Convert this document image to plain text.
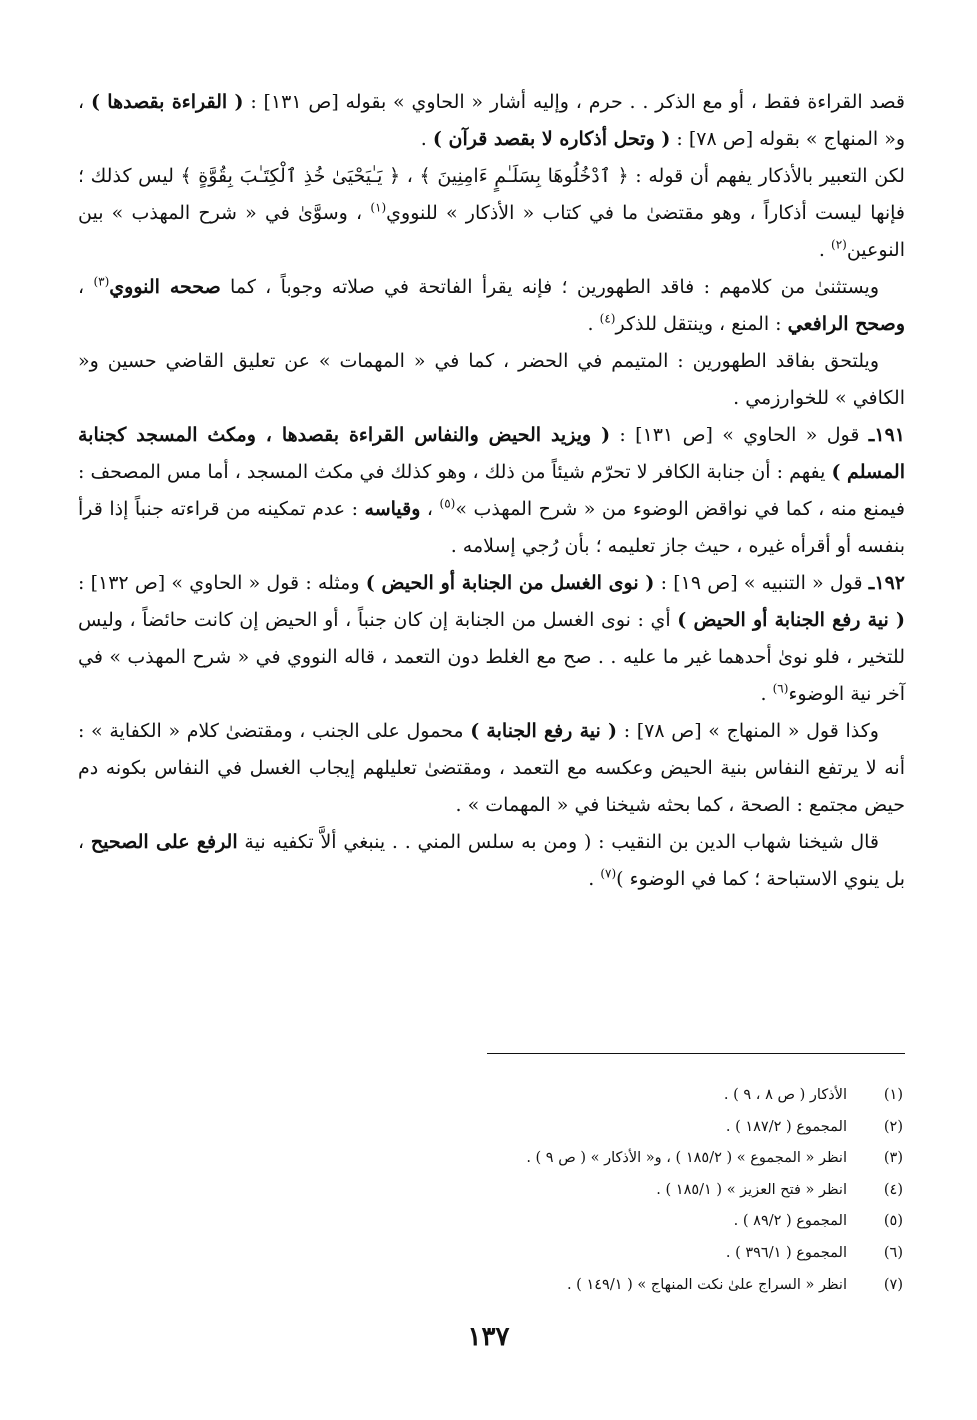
قصد القراءة فقط ، أو مع الذكر . . حرم ، وإليه أشار « الحاوي » بقوله [ص ١٣١] : ( القراءة بقصدها ) ، و« المنهاج » بقوله [ص ٧٨] : ( وتحل أذكاره لا بقصد قرآن ) .

لكن التعبير بالأذكار يفهم أن قوله : ﴿ ٱدْخُلُوهَا بِسَلَـٰمٍ ءَامِنِينَ ﴾ ، ﴿ يَـٰيَحْيَىٰ خُذِ ٱلْكِتَـٰبَ بِقُوَّةٍ ﴾ ليس كذلك ؛ فإنها ليست أذكاراً ، وهو مقتضىٰ ما في كتاب « الأذكار » للنووي$^{(١)}$ ، وسوَّىٰ في « شرح المهذب » بين النوعين$^{(٢)}$ .

ويستثنىٰ من كلامهم : فاقد الطهورين ؛ فإنه يقرأ الفاتحة في صلاته وجوباً ، كما صححه النووي$^{(٣)}$ ، وصحح الرافعي : المنع ، وينتقل للذكر$^{(٤)}$ .

ويلتحق بفاقد الطهورين : المتيمم في الحضر ، كما في « المهمات » عن تعليق القاضي حسين و« الكافي » للخوارزمي .

١٩١ـ قول « الحاوي » [ص ١٣١] : ( ويزيد الحيض والنفاس القراءة بقصدها ، ومكث المسجد كجنابة المسلم ) يفهم : أن جنابة الكافر لا تحرّم شيئاً من ذلك ، وهو كذلك في مكث المسجد ، أما مس المصحف : فيمنع منه ، كما في نواقض الوضوء من « شرح المهذب »$^{(٥)}$ ، وقياسه : عدم تمكينه من قراءته جنباً إذا قرأ بنفسه أو أقرأه غيره ، حيث جاز تعليمه ؛ بأن رُجي إسلامه .

١٩٢ـ قول « التنبيه » [ص ١٩] : ( نوى الغسل من الجنابة أو الحيض ) ومثله : قول « الحاوي » [ص ١٣٢] : ( نية رفع الجنابة أو الحيض ) أي : نوى الغسل من الجنابة إن كان جنباً ، أو الحيض إن كانت حائضاً ، وليس للتخير ، فلو نوىٰ أحدهما غير ما عليه . . صح مع الغلط دون التعمد ، قاله النووي في « شرح المهذب » في آخر نية الوضوء$^{(٦)}$ .

وكذا قول « المنهاج » [ص ٧٨] : ( نية رفع الجنابة ) محمول على الجنب ، ومقتضىٰ كلام « الكفاية » : أنه لا يرتفع النفاس بنية الحيض وعكسه مع التعمد ، ومقتضىٰ تعليلهم إيجاب الغسل في النفاس بكونه دم حيض مجتمع : الصحة ، كما بحثه شيخنا في « المهمات » .

قال شيخنا شهاب الدين بن النقيب : ( ومن به سلس المني . . ينبغي ألاَّ تكفيه نية الرفع على الصحيح ، بل ينوي الاستباحة ؛ كما في الوضوء )$^{(٧)}$ .

(١)
الأذكار ( ص ٨ ، ٩ ) .
(٢)
المجموع ( ١٨٧/٢ ) .
(٣)
انظر « المجموع » ( ١٨٥/٢ ) ، و« الأذكار » ( ص ٩ ) .
(٤)
انظر « فتح العزيز » ( ١٨٥/١ ) .
(٥)
المجموع ( ٨٩/٢ ) .
(٦)
المجموع ( ٣٩٦/١ ) .
(٧)
انظر « السراج علىٰ نكت المنهاج » ( ١٤٩/١ ) .
١٣٧
